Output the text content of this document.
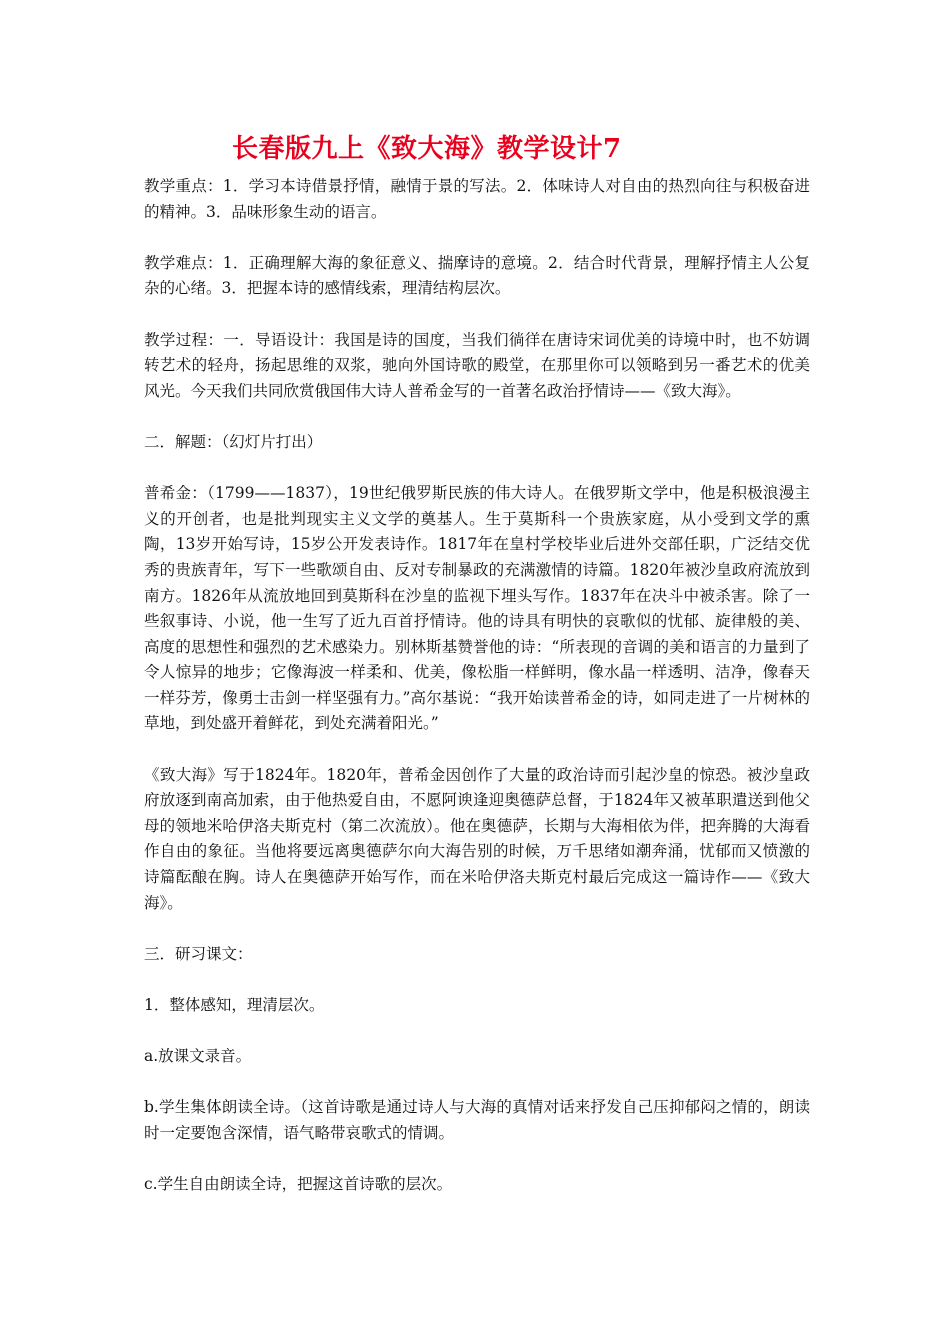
长春版九上《致大海》教学设计7

教学重点：1．学习本诗借景抒情，融情于景的写法。2．体味诗人对自由的热烈向往与积极奋进的精神。3．品味形象生动的语言。

教学难点：1．正确理解大海的象征意义、揣摩诗的意境。2．结合时代背景，理解抒情主人公复杂的心绪。3．把握本诗的感情线索，理清结构层次。

教学过程：一．导语设计：我国是诗的国度，当我们徜徉在唐诗宋词优美的诗境中时，也不妨调转艺术的轻舟，扬起思维的双浆，驰向外国诗歌的殿堂，在那里你可以领略到另一番艺术的优美风光。今天我们共同欣赏俄国伟大诗人普希金写的一首著名政治抒情诗——《致大海》。

二．解题：（幻灯片打出）

普希金：（1799——1837），19世纪俄罗斯民族的伟大诗人。在俄罗斯文学中，他是积极浪漫主义的开创者，也是批判现实主义文学的奠基人。生于莫斯科一个贵族家庭，从小受到文学的熏陶，13岁开始写诗，15岁公开发表诗作。1817年在皇村学校毕业后进外交部任职，广泛结交优秀的贵族青年，写下一些歌颂自由、反对专制暴政的充满激情的诗篇。1820年被沙皇政府流放到南方。1826年从流放地回到莫斯科在沙皇的监视下埋头写作。1837年在决斗中被杀害。除了一些叙事诗、小说，他一生写了近九百首抒情诗。他的诗具有明快的哀歌似的忧郁、旋律般的美、高度的思想性和强烈的艺术感染力。别林斯基赞誉他的诗：“所表现的音调的美和语言的力量到了令人惊异的地步；它像海波一样柔和、优美，像松脂一样鲜明，像水晶一样透明、洁净，像春天一样芬芳，像勇士击剑一样坚强有力。”高尔基说：“我开始读普希金的诗，如同走进了一片树林的草地，到处盛开着鲜花，到处充满着阳光。”

《致大海》写于1824年。1820年，普希金因创作了大量的政治诗而引起沙皇的惊恐。被沙皇政府放逐到南高加索，由于他热爱自由，不愿阿谀逢迎奥德萨总督，于1824年又被革职遣送到他父母的领地米哈伊洛夫斯克村（第二次流放）。他在奥德萨，长期与大海相依为伴，把奔腾的大海看作自由的象征。当他将要远离奥德萨尔向大海告别的时候，万千思绪如潮奔涌，忧郁而又愤激的诗篇酝酿在胸。诗人在奥德萨开始写作，而在米哈伊洛夫斯克村最后完成这一篇诗作——《致大海》。

三．研习课文：

1．整体感知，理清层次。

a.放课文录音。

b.学生集体朗读全诗。（这首诗歌是通过诗人与大海的真情对话来抒发自己压抑郁闷之情的，朗读时一定要饱含深情，语气略带哀歌式的情调。

c.学生自由朗读全诗，把握这首诗歌的层次。
